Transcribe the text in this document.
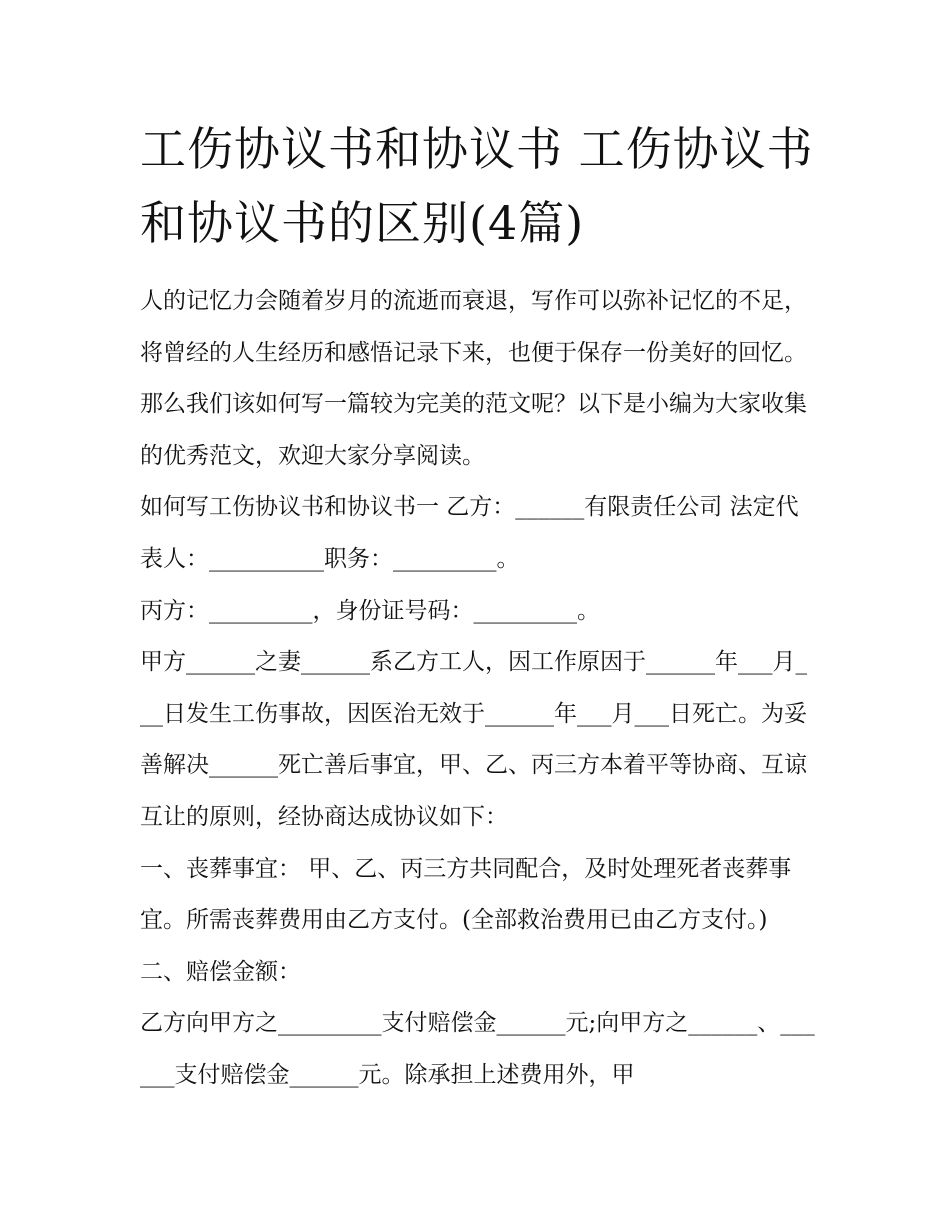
工伤协议书和协议书 工伤协议书和协议书的区别(4篇)

人的记忆力会随着岁月的流逝而衰退，写作可以弥补记忆的不足，将曾经的人生经历和感悟记录下来，也便于保存一份美好的回忆。那么我们该如何写一篇较为完美的范文呢？以下是小编为大家收集的优秀范文，欢迎大家分享阅读。

如何写工伤协议书和协议书一 乙方：______有限责任公司 法定代表人：__________职务：_________。

丙方：_________，身份证号码：_________。

甲方______之妻______系乙方工人，因工作原因于______年___月___日发生工伤事故，因医治无效于______年___月___日死亡。为妥善解决______死亡善后事宜，甲、乙、丙三方本着平等协商、互谅互让的原则，经协商达成协议如下：

一、丧葬事宜： 甲、乙、丙三方共同配合，及时处理死者丧葬事宜。所需丧葬费用由乙方支付。(全部救治费用已由乙方支付。) 二、赔偿金额：

乙方向甲方之_________支付赔偿金______元;向甲方之______、______支付赔偿金______元。除承担上述费用外，甲
